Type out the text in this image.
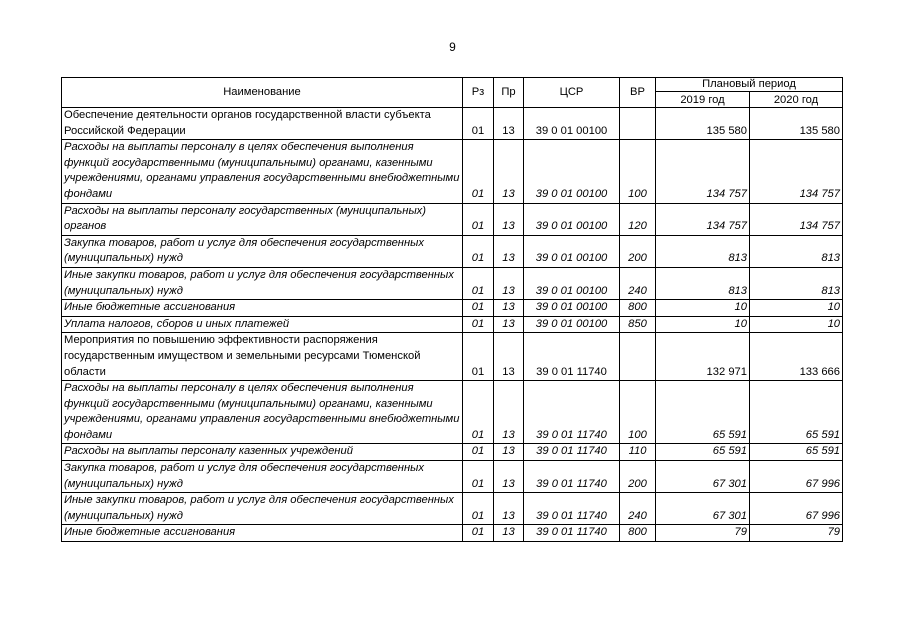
9
Наименование	Рз	Пр	ЦСР	ВР	Плановый период	
					2019 год	2020 год
Обеспечение деятельности органов государственной власти субъекта Российской Федерации	01	13	39 0 01 00100		135 580	135 580
Расходы на выплаты персоналу в целях обеспечения выполнения функций государственными (муниципальными) органами, казенными учреждениями, органами управления государственными внебюджетными фондами	01	13	39 0 01 00100	100	134 757	134 757
Расходы на выплаты персоналу государственных (муниципальных) органов	01	13	39 0 01 00100	120	134 757	134 757
Закупка товаров, работ и услуг для обеспечения государственных (муниципальных) нужд	01	13	39 0 01 00100	200	813	813
Иные закупки товаров, работ и услуг для обеспечения государственных (муниципальных) нужд	01	13	39 0 01 00100	240	813	813
Иные бюджетные ассигнования	01	13	39 0 01 00100	800	10	10
Уплата налогов, сборов и иных платежей	01	13	39 0 01 00100	850	10	10
Мероприятия по повышению эффективности распоряжения государственным имуществом и земельными ресурсами Тюменской области	01	13	39 0 01 11740		132 971	133 666
Расходы на выплаты персоналу в целях обеспечения выполнения функций государственными (муниципальными) органами, казенными учреждениями, органами управления государственными внебюджетными фондами	01	13	39 0 01 11740	100	65 591	65 591
Расходы на выплаты персоналу казенных учреждений	01	13	39 0 01 11740	110	65 591	65 591
Закупка товаров, работ и услуг для обеспечения государственных (муниципальных) нужд	01	13	39 0 01 11740	200	67 301	67 996
Иные закупки товаров, работ и услуг для обеспечения государственных (муниципальных) нужд	01	13	39 0 01 11740	240	67 301	67 996
Иные бюджетные ассигнования	01	13	39 0 01 11740	800	79	79
